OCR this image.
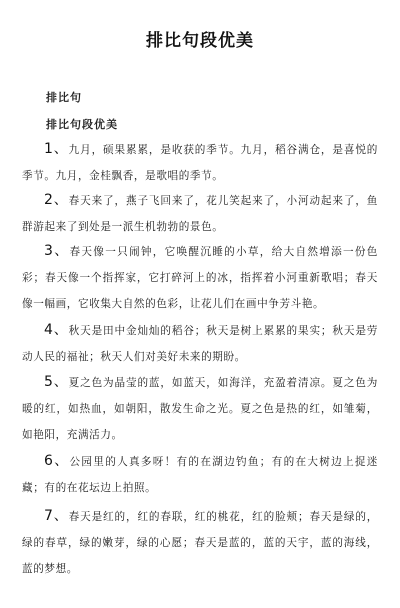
排比句段优美
排比句
排比句段优美
1、九月，硕果累累，是收获的季节。九月，稻谷满仓，是喜悦的季节。九月，金桂飘香，是歌唱的季节。
2、春天来了，燕子飞回来了，花儿笑起来了，小河动起来了，鱼群游起来了到处是一派生机勃勃的景色。
3、春天像一只闹钟，它唤醒沉睡的小草，给大自然增添一份色彩；春天像一个指挥家，它打碎河上的冰，指挥着小河重新歌唱；春天像一幅画，它收集大自然的色彩，让花儿们在画中争芳斗艳。
4、秋天是田中金灿灿的稻谷；秋天是树上累累的果实；秋天是劳动人民的福祉；秋天人们对美好未来的期盼。
5、夏之色为晶莹的蓝，如蓝天，如海洋，充盈着清凉。夏之色为暖的红，如热血，如朝阳，散发生命之光。夏之色是热的红，如雏菊，如艳阳，充满活力。
6、公园里的人真多呀！有的在湖边钓鱼；有的在大树边上捉迷藏；有的在花坛边上拍照。
7、春天是红的，红的春联，红的桃花，红的脸颊；春天是绿的，绿的春草，绿的嫩芽，绿的心愿；春天是蓝的，蓝的天宇，蓝的海线，蓝的梦想。
